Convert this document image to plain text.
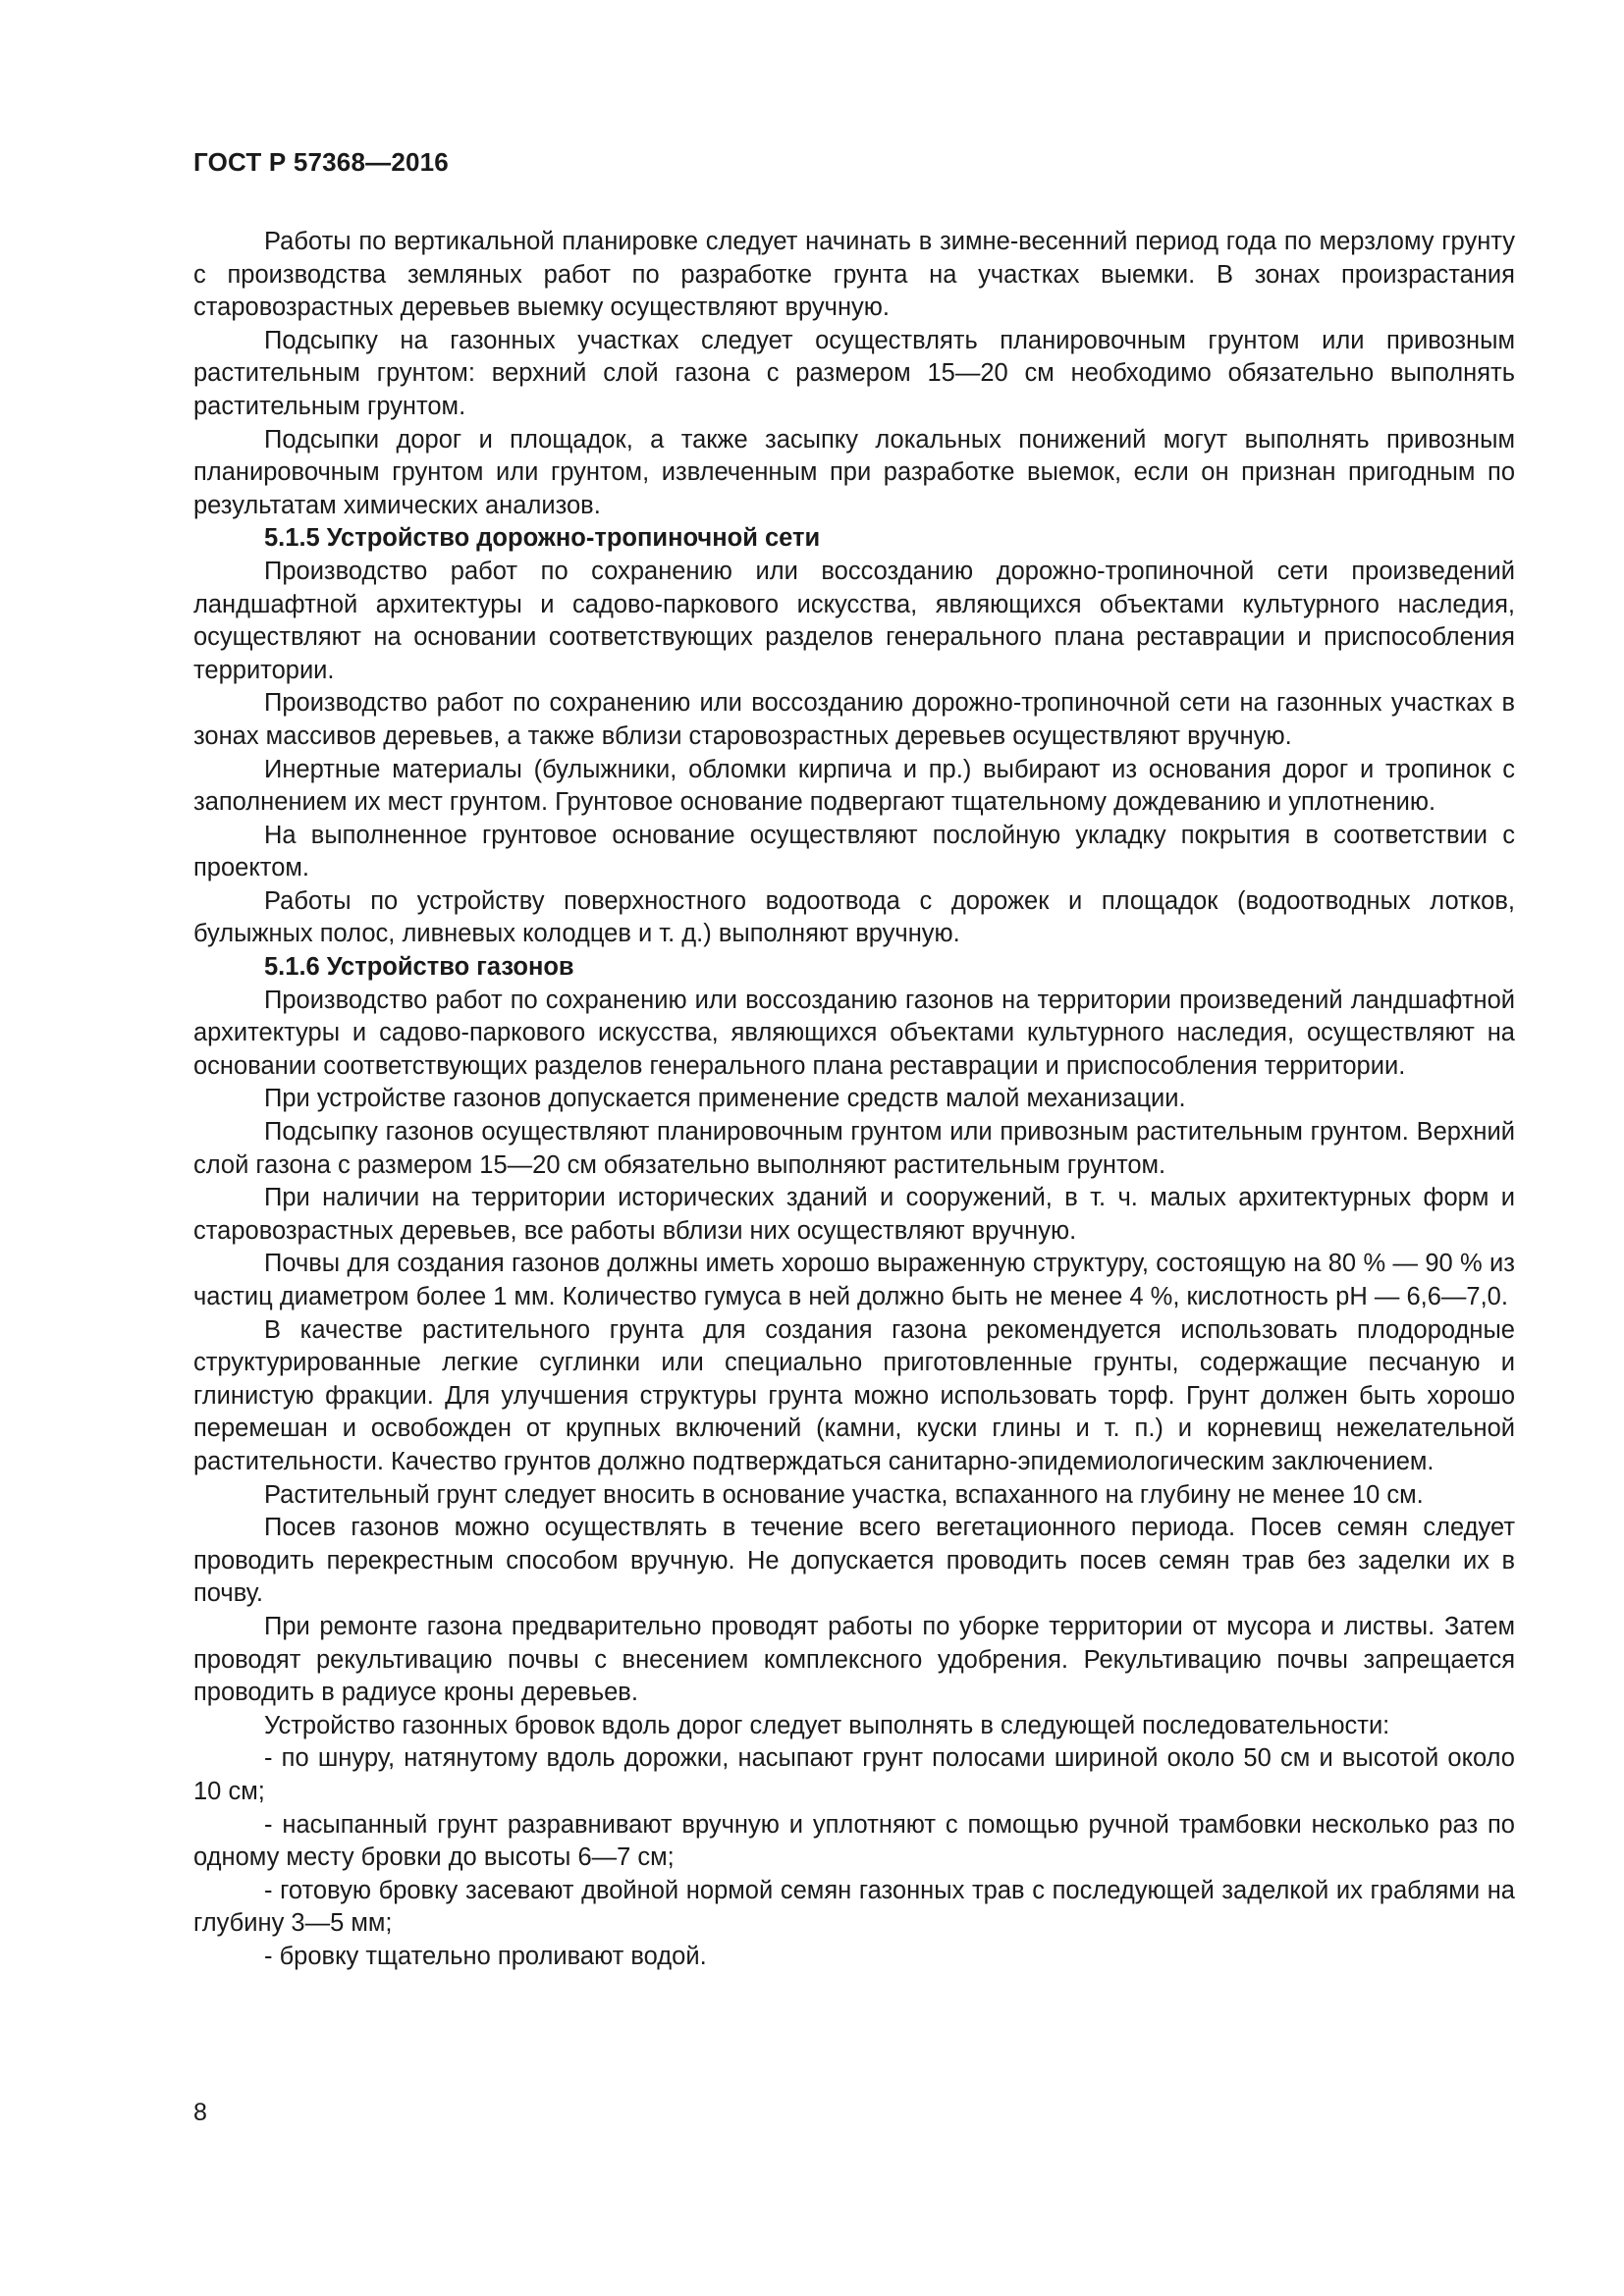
ГОСТ Р 57368—2016

Работы по вертикальной планировке следует начинать в зимне-весенний период года по мерзлому грунту с производства земляных работ по разработке грунта на участках выемки. В зонах произрастания старовозрастных деревьев выемку осуществляют вручную.

Подсыпку на газонных участках следует осуществлять планировочным грунтом или привозным растительным грунтом: верхний слой газона с размером 15—20 см необходимо обязательно выполнять растительным грунтом.

Подсыпки дорог и площадок, а также засыпку локальных понижений могут выполнять привозным планировочным грунтом или грунтом, извлеченным при разработке выемок, если он признан пригодным по результатам химических анализов.

5.1.5 Устройство дорожно-тропиночной сети

Производство работ по сохранению или воссозданию дорожно-тропиночной сети произведений ландшафтной архитектуры и садово-паркового искусства, являющихся объектами культурного наследия, осуществляют на основании соответствующих разделов генерального плана реставрации и приспособления территории.

Производство работ по сохранению или воссозданию дорожно-тропиночной сети на газонных участках в зонах массивов деревьев, а также вблизи старовозрастных деревьев осуществляют вручную.

Инертные материалы (булыжники, обломки кирпича и пр.) выбирают из основания дорог и тропинок с заполнением их мест грунтом. Грунтовое основание подвергают тщательному дождеванию и уплотнению.

На выполненное грунтовое основание осуществляют послойную укладку покрытия в соответствии с проектом.

Работы по устройству поверхностного водоотвода с дорожек и площадок (водоотводных лотков, булыжных полос, ливневых колодцев и т. д.) выполняют вручную.

5.1.6 Устройство газонов

Производство работ по сохранению или воссозданию газонов на территории произведений ландшафтной архитектуры и садово-паркового искусства, являющихся объектами культурного наследия, осуществляют на основании соответствующих разделов генерального плана реставрации и приспособления территории.

При устройстве газонов допускается применение средств малой механизации.

Подсыпку газонов осуществляют планировочным грунтом или привозным растительным грунтом. Верхний слой газона с размером 15—20 см обязательно выполняют растительным грунтом.

При наличии на территории исторических зданий и сооружений, в т. ч. малых архитектурных форм и старовозрастных деревьев, все работы вблизи них осуществляют вручную.

Почвы для создания газонов должны иметь хорошо выраженную структуру, состоящую на 80 % — 90 % из частиц диаметром более 1 мм. Количество гумуса в ней должно быть не менее 4 %, кислотность pH — 6,6—7,0.

В качестве растительного грунта для создания газона рекомендуется использовать плодородные структурированные легкие суглинки или специально приготовленные грунты, содержащие песчаную и глинистую фракции. Для улучшения структуры грунта можно использовать торф. Грунт должен быть хорошо перемешан и освобожден от крупных включений (камни, куски глины и т. п.) и корневищ нежелательной растительности. Качество грунтов должно подтверждаться санитарно-эпидемиологическим заключением.

Растительный грунт следует вносить в основание участка, вспаханного на глубину не менее 10 см.

Посев газонов можно осуществлять в течение всего вегетационного периода. Посев семян следует проводить перекрестным способом вручную. Не допускается проводить посев семян трав без заделки их в почву.

При ремонте газона предварительно проводят работы по уборке территории от мусора и листвы. Затем проводят рекультивацию почвы с внесением комплексного удобрения. Рекультивацию почвы запрещается проводить в радиусе кроны деревьев.

Устройство газонных бровок вдоль дорог следует выполнять в следующей последовательности:

- по шнуру, натянутому вдоль дорожки, насыпают грунт полосами шириной около 50 см и высотой около 10 см;

- насыпанный грунт разравнивают вручную и уплотняют с помощью ручной трамбовки несколько раз по одному месту бровки до высоты 6—7 см;

- готовую бровку засевают двойной нормой семян газонных трав с последующей заделкой их граблями на глубину 3—5 мм;

- бровку тщательно проливают водой.

8
